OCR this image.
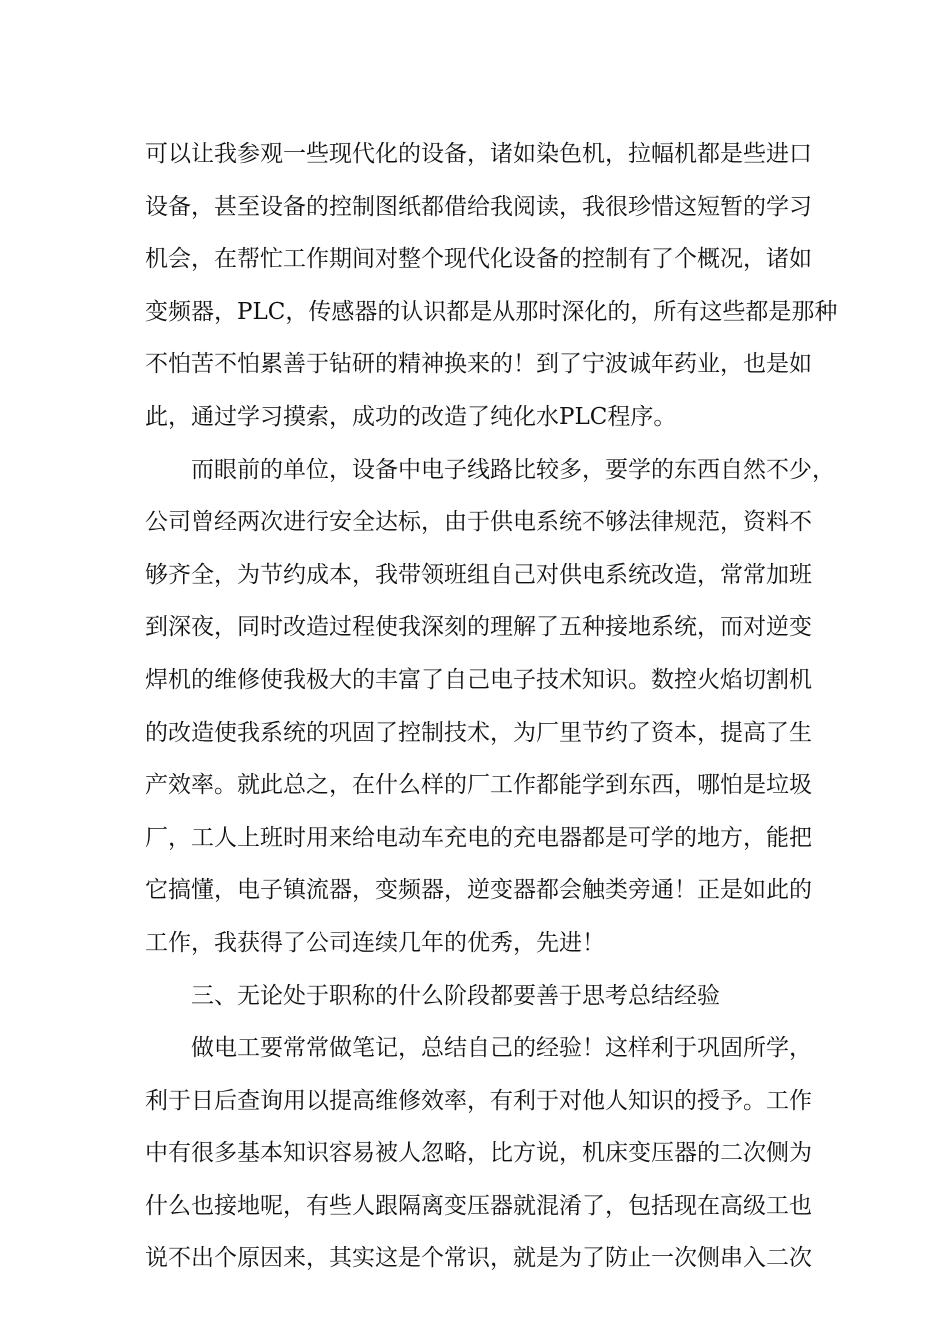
可以让我参观一些现代化的设备，诸如染色机，拉幅机都是些进口
设备，甚至设备的控制图纸都借给我阅读，我很珍惜这短暂的学习
机会，在帮忙工作期间对整个现代化设备的控制有了个概况，诸如
变频器，PLC，传感器的认识都是从那时深化的，所有这些都是那种
不怕苦不怕累善于钻研的精神换来的！到了宁波诚年药业，也是如
此，通过学习摸索，成功的改造了纯化水PLC程序。
而眼前的单位，设备中电子线路比较多，要学的东西自然不少，
公司曾经两次进行安全达标，由于供电系统不够法律规范，资料不
够齐全，为节约成本，我带领班组自己对供电系统改造，常常加班
到深夜，同时改造过程使我深刻的理解了五种接地系统，而对逆变
焊机的维修使我极大的丰富了自己电子技术知识。数控火焰切割机
的改造使我系统的巩固了控制技术，为厂里节约了资本，提高了生
产效率。就此总之，在什么样的厂工作都能学到东西，哪怕是垃圾
厂，工人上班时用来给电动车充电的充电器都是可学的地方，能把
它搞懂，电子镇流器，变频器，逆变器都会触类旁通！正是如此的
工作，我获得了公司连续几年的优秀，先进！
三、无论处于职称的什么阶段都要善于思考总结经验
做电工要常常做笔记，总结自己的经验！这样利于巩固所学，
利于日后查询用以提高维修效率，有利于对他人知识的授予。工作
中有很多基本知识容易被人忽略，比方说，机床变压器的二次侧为
什么也接地呢，有些人跟隔离变压器就混淆了，包括现在高级工也
说不出个原因来，其实这是个常识，就是为了防止一次侧串入二次
